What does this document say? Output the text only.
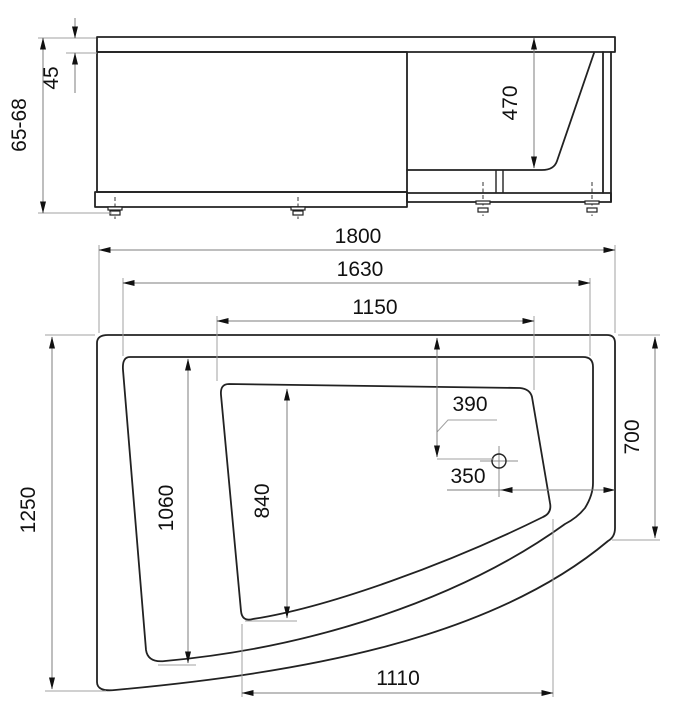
65-68
45
470
1800
1630
1150
390
350
700
1250	1060	840
1110
